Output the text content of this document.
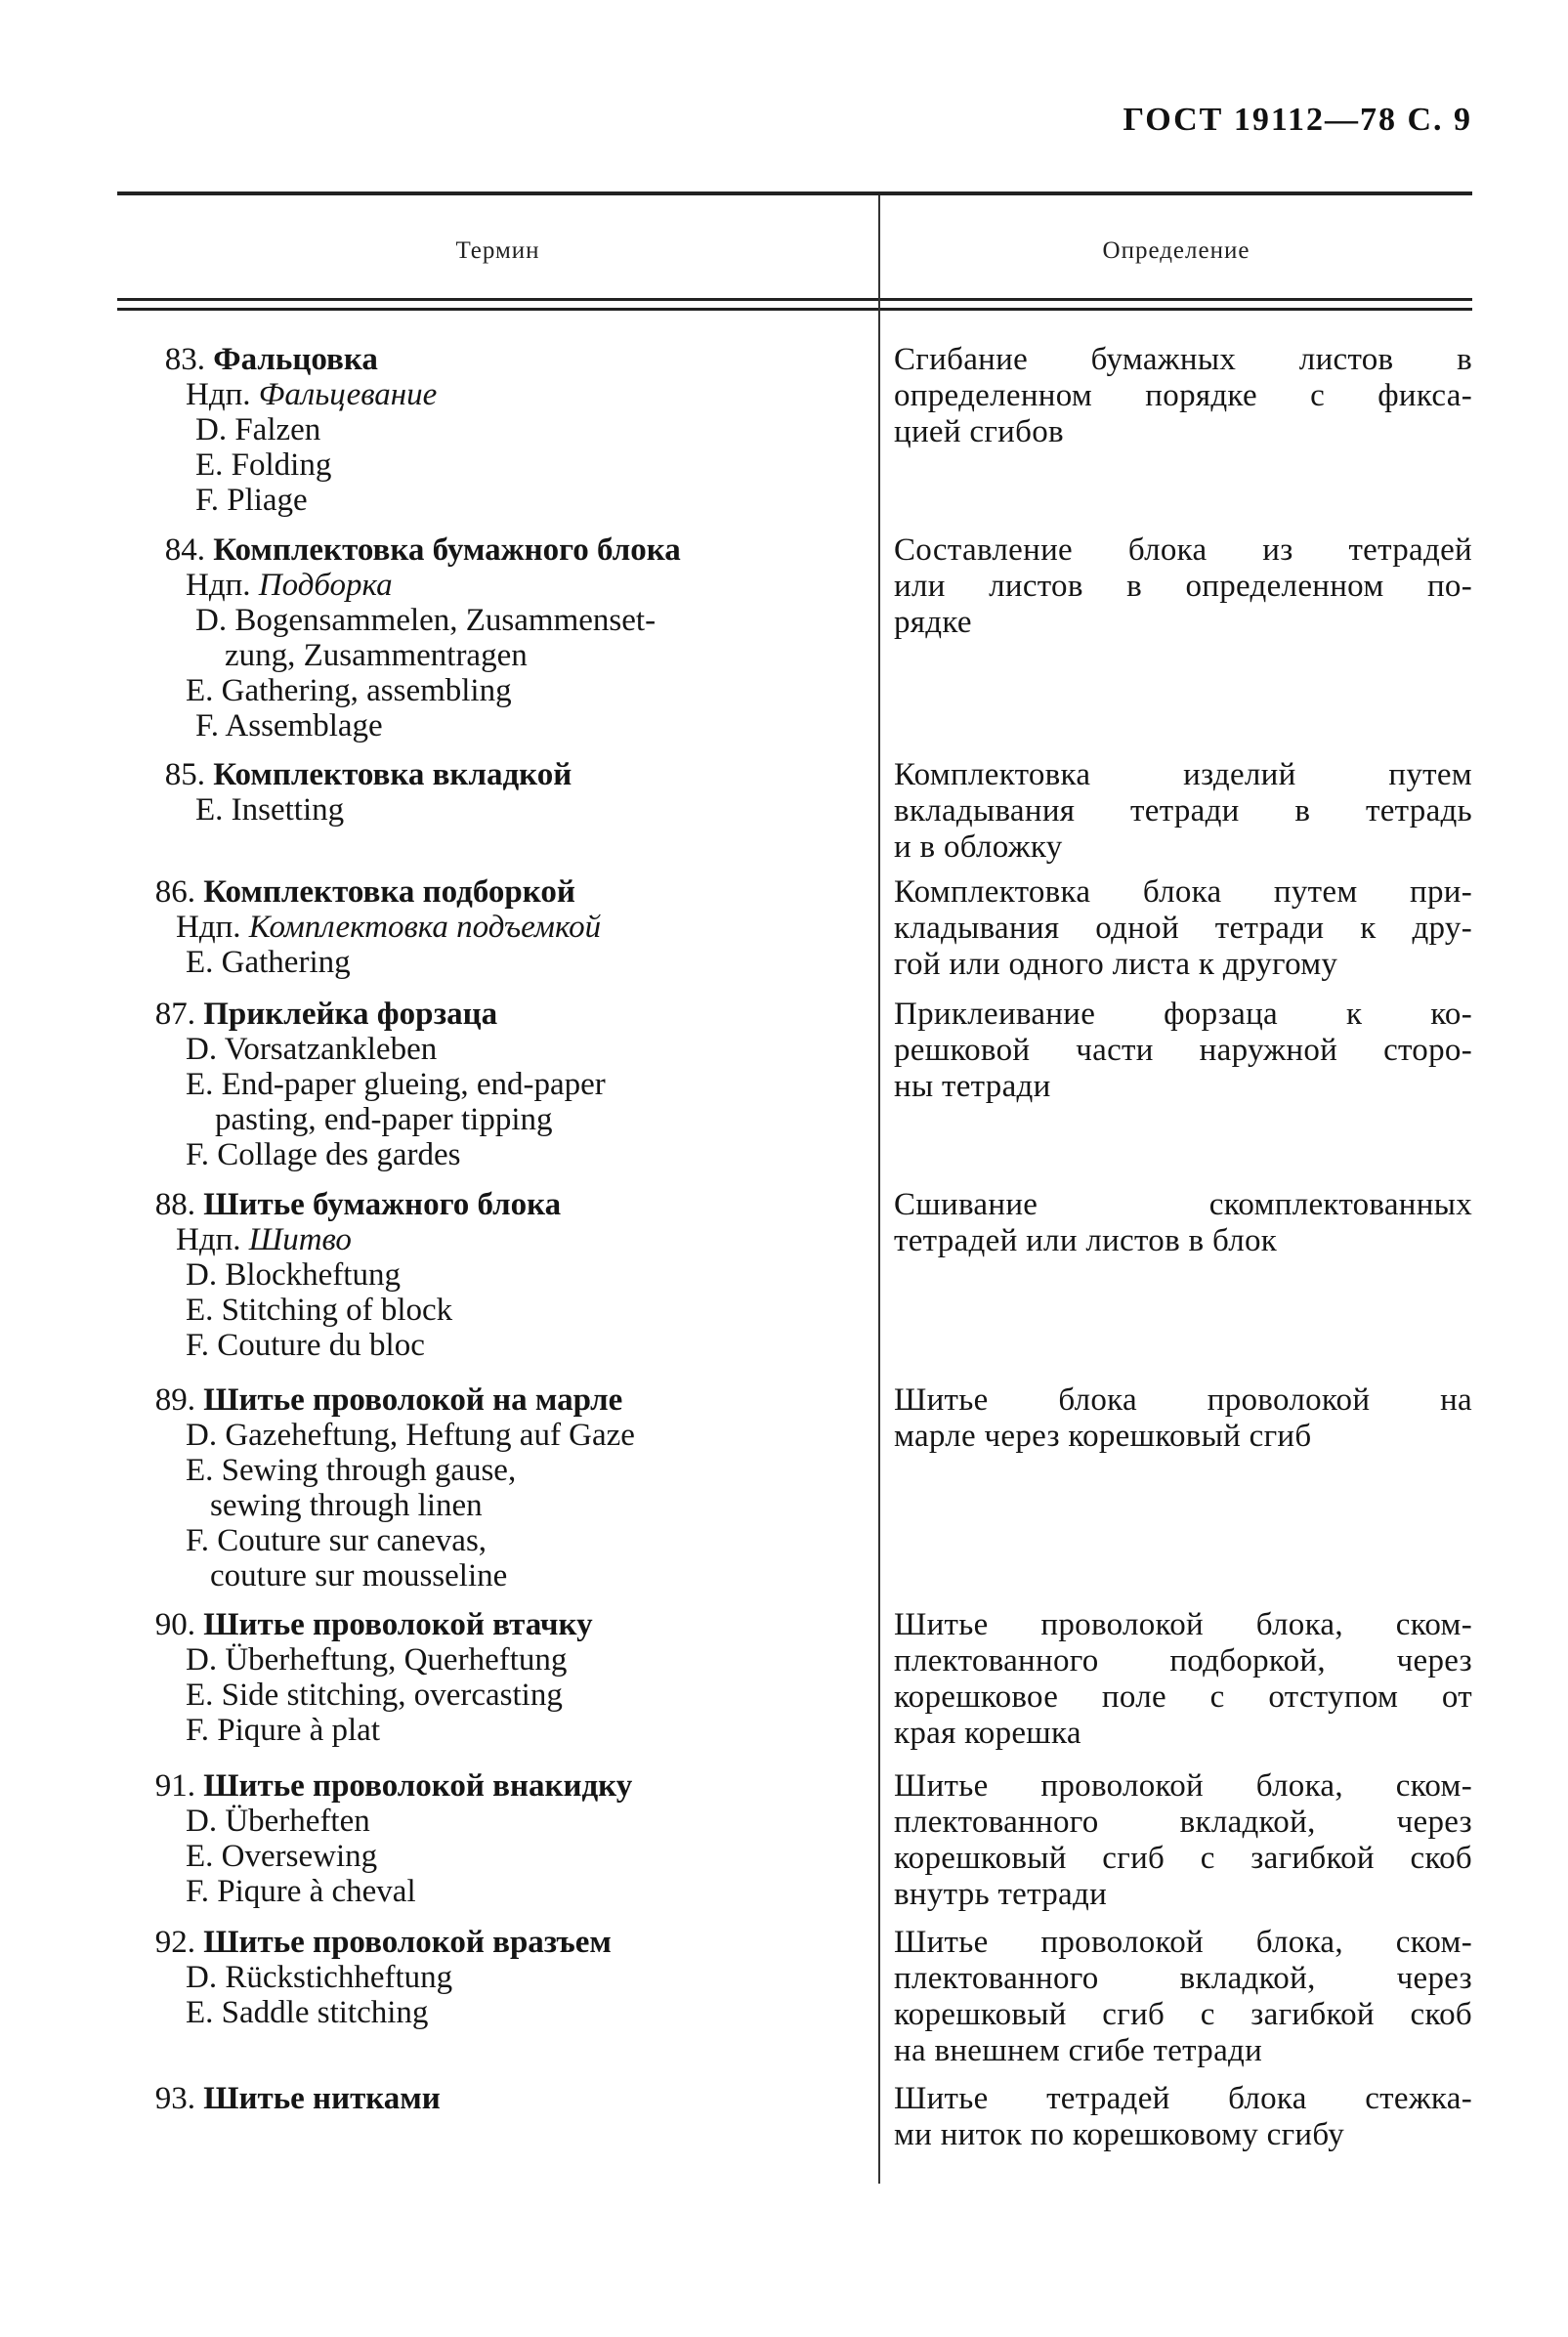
ГОСТ 19112—78 С. 9
Термин	Определение
83. Фальцовка
Ндп. Фальцевание
D. Falzen
E. Folding
F. Pliage
Сгибание бумажных листов в
определенном порядке с фикса-
цией сгибов
84. Комплектовка бумажного блока
Ндп. Подборка
D. Bogensammelen, Zusammenset-
zung, Zusammentragen
E. Gathering, assembling
F. Assemblage
Составление блока из тетрадей
или листов в определенном по-
рядке
85. Комплектовка вкладкой
E. Insetting
Комплектовка изделий путем
вкладывания тетради в тетрадь
и в обложку
86. Комплектовка подборкой
Ндп. Комплектовка подъемкой
E. Gathering
Комплектовка блока путем при-
кладывания одной тетради к дру-
гой или одного листа к другому
87. Приклейка форзаца
D. Vorsatzankleben
E. End-paper glueing, end-paper
pasting, end-paper tipping
F. Collage des gardes
Приклеивание форзаца к ко-
решковой части наружной сторо-
ны тетради
88. Шитье бумажного блока
Ндп. Шитво
D. Blockheftung
E. Stitching of block
F. Couture du bloc
Сшивание скомплектованных
тетрадей или листов в блок
89. Шитье проволокой на марле
D. Gazeheftung, Heftung auf Gaze
E. Sewing through gause,
sewing through linen
F. Couture sur canevas,
couture sur mousseline
Шитье блока проволокой на
марле через корешковый сгиб
90. Шитье проволокой втачку
D. Überheftung, Querheftung
E. Side stitching, overcasting
F. Piqure à plat
Шитье проволокой блока, ском-
плектованного подборкой, через
корешковое поле с отступом от
края корешка
91. Шитье проволокой внакидку
D. Überheften
E. Oversewing
F. Piqure à cheval
Шитье проволокой блока, ском-
плектованного вкладкой, через
корешковый сгиб с загибкой скоб
внутрь тетради
92. Шитье проволокой вразъем
D. Rückstichheftung
E. Saddle stitching
Шитье проволокой блока, ском-
плектованного вкладкой, через
корешковый сгиб с загибкой скоб
на внешнем сгибе тетради
93. Шитье нитками	Шитье тетрадей блока стежка-
ми ниток по корешковому сгибу
